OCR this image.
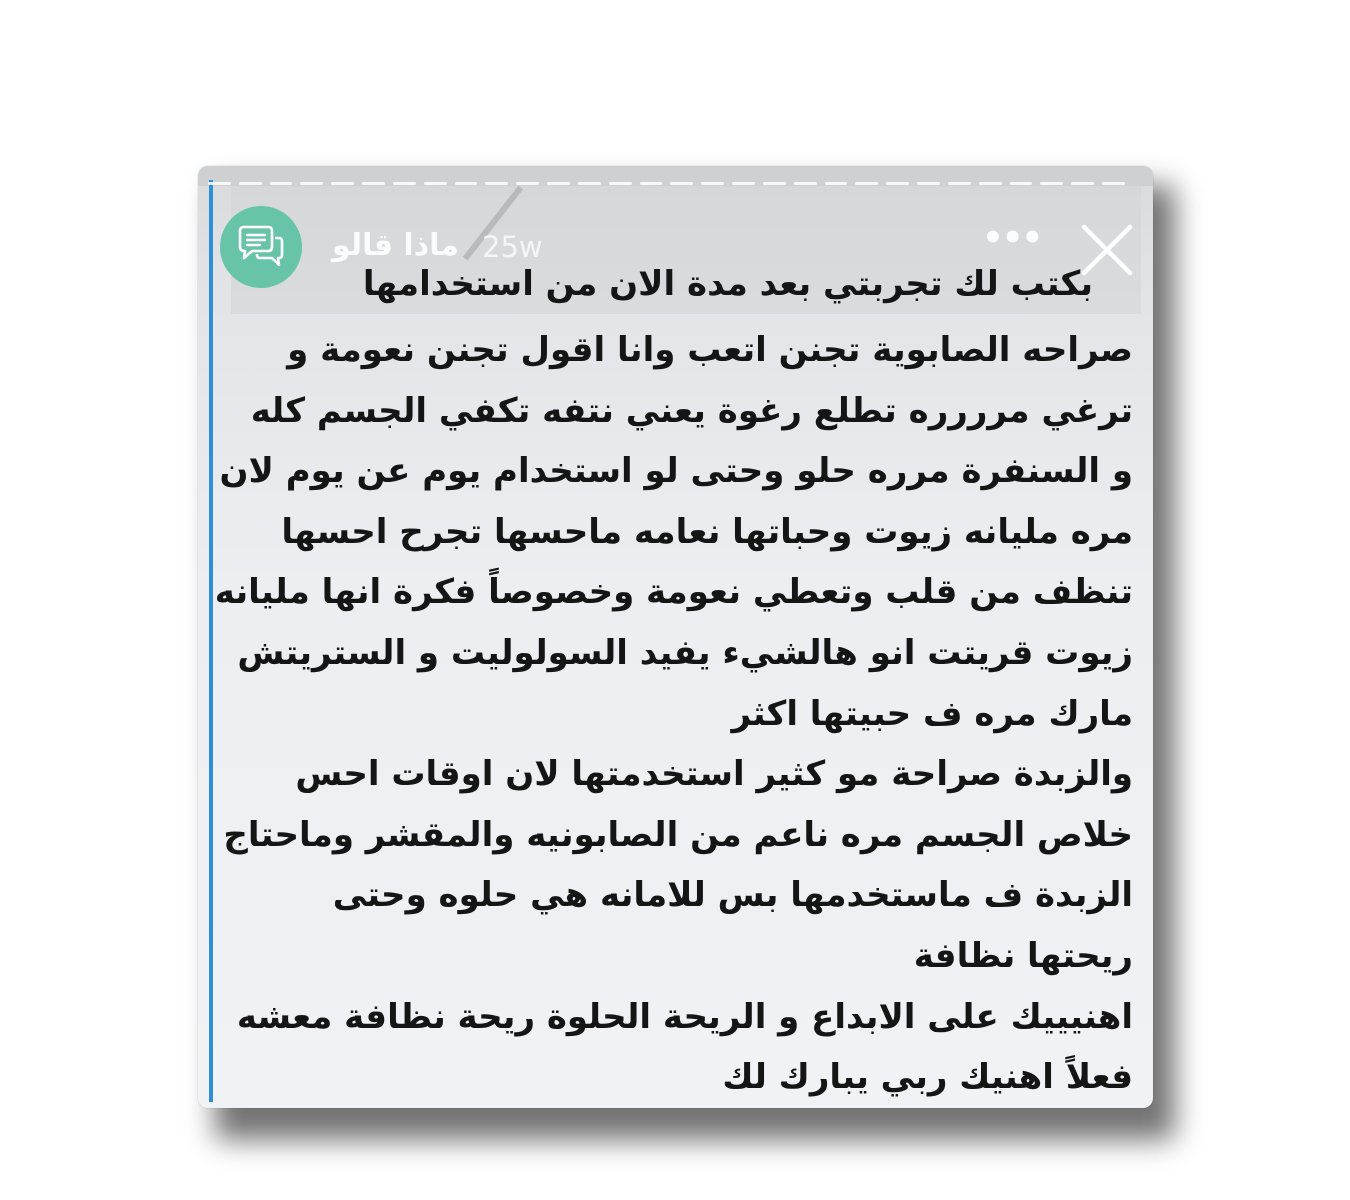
ماذا قالو 25w	•••
بكتب لك تجربتي بعد مدة الان من استخدامها
صراحه الصابوية تجنن اتعب وانا اقول تجنن نعومة و
ترغي مرررره تطلع رغوة يعني نتفه تكفي الجسم كله
و السنفرة مرره حلو وحتى لو استخدام يوم عن يوم لان
مره مليانه زيوت وحباتها نعامه ماحسها تجرح احسها
تنظف من قلب وتعطي نعومة وخصوصاً فكرة انها مليانه
زيوت قريتت انو هالشيء يفيد السولوليت و الستريتش
مارك مره ف حبيتها اكثر
والزبدة صراحة مو كثير استخدمتها لان اوقات احس
خلاص الجسم مره ناعم من الصابونيه والمقشر وماحتاج
الزبدة ف ماستخدمها بس للامانه هي حلوه وحتى
ريحتها نظافة
اهنيييك على الابداع و الريحة الحلوة ريحة نظافة معشه
فعلاً اهنيك ربي يبارك لك
